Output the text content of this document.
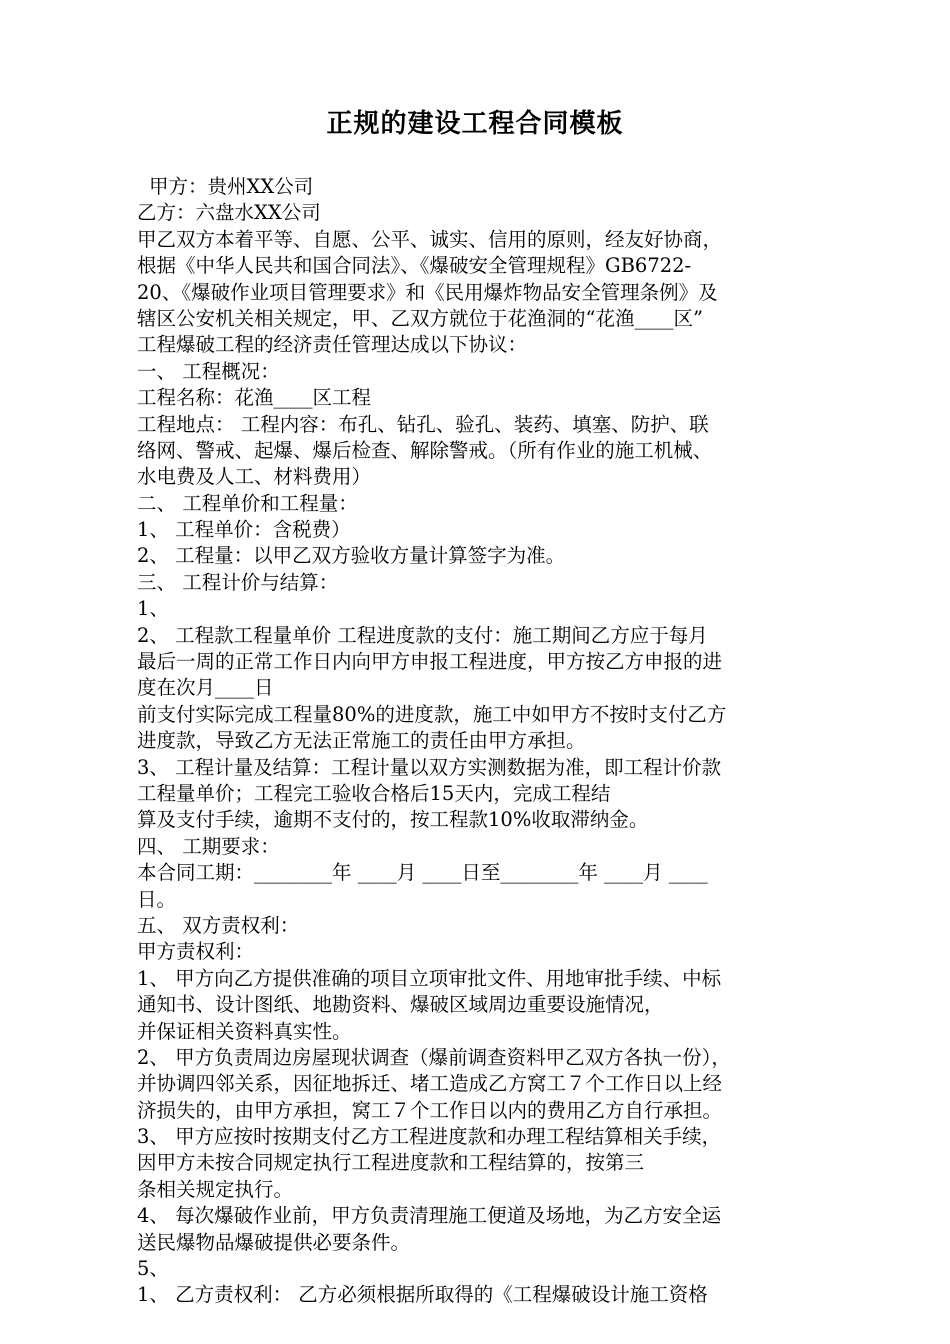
正规的建设工程合同模板
甲方：贵州XX公司
乙方：六盘水XX公司
甲乙双方本着平等、自愿、公平、诚实、信用的原则，经友好协商，
根据《中华人民共和国合同法》、《爆破安全管理规程》GB6722-
20、《爆破作业项目管理要求》和《民用爆炸物品安全管理条例》及
辖区公安机关相关规定，甲、乙双方就位于花渔洞的“花渔____区”
工程爆破工程的经济责任管理达成以下协议：
一、 工程概况：
工程名称：花渔____区工程
工程地点： 工程内容：布孔、钻孔、验孔、装药、填塞、防护、联
络网、警戒、起爆、爆后检查、解除警戒。（所有作业的施工机械、
水电费及人工、材料费用）
二、 工程单价和工程量：
1、 工程单价：含税费）
2、 工程量：以甲乙双方验收方量计算签字为准。
三、 工程计价与结算：
1、
2、 工程款工程量单价 工程进度款的支付：施工期间乙方应于每月
最后一周的正常工作日内向甲方申报工程进度，甲方按乙方申报的进
度在次月____日
前支付实际完成工程量80%的进度款，施工中如甲方不按时支付乙方
进度款，导致乙方无法正常施工的责任由甲方承担。
3、 工程计量及结算：工程计量以双方实测数据为准，即工程计价款
工程量单价；工程完工验收合格后15天内，完成工程结
算及支付手续，逾期不支付的，按工程款10%收取滞纳金。
四、 工期要求：
本合同工期：________年 ____月 ____日至________年 ____月 ____
日。
五、 双方责权利：
甲方责权利：
1、 甲方向乙方提供准确的项目立项审批文件、用地审批手续、中标
通知书、设计图纸、地勘资料、爆破区域周边重要设施情况，
并保证相关资料真实性。
2、 甲方负责周边房屋现状调查（爆前调查资料甲乙双方各执一份），
并协调四邻关系，因征地拆迁、堵工造成乙方窝工７个工作日以上经
济损失的，由甲方承担，窝工７个工作日以内的费用乙方自行承担。
3、 甲方应按时按期支付乙方工程进度款和办理工程结算相关手续，
因甲方未按合同规定执行工程进度款和工程结算的，按第三
条相关规定执行。
4、 每次爆破作业前，甲方负责清理施工便道及场地，为乙方安全运
送民爆物品爆破提供必要条件。
5、
1、 乙方责权利： 乙方必须根据所取得的《工程爆破设计施工资格
